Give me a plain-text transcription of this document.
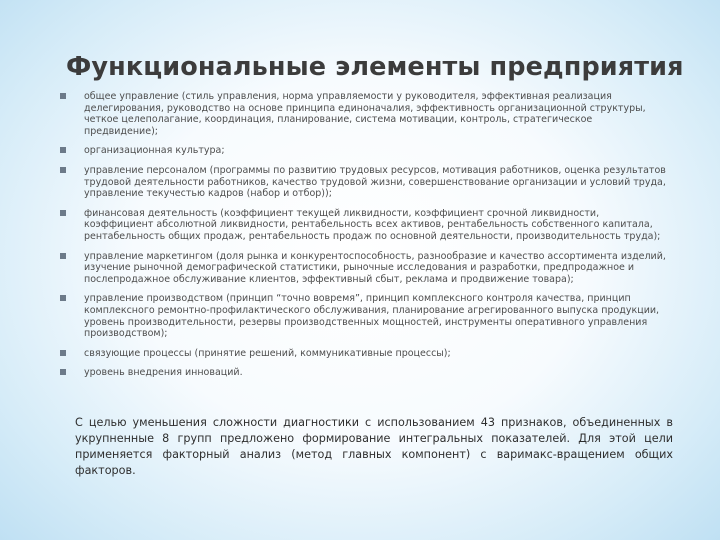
Функциональные элементы предприятия
общее управление (стиль управления, норма управляемости у руководителя, эффективная реализация делегирования, руководство на основе принципа единоначалия, эффективность организационной структуры, четкое целеполагание, координация, планирование, система мотивации, контроль, стратегическое предвидение);
организационная культура;
управление персоналом (программы по развитию трудовых ресурсов, мотивация работников, оценка результатов трудовой деятельности работников, качество трудовой жизни, совершенствование организации и условий труда, управление текучестью кадров (набор и отбор));
финансовая деятельность (коэффициент текущей ликвидности, коэффициент срочной ликвидности, коэффициент абсолютной ликвидности, рентабельность всех активов, рентабельность собственного капитала, рентабельность общих продаж, рентабельность продаж по основной деятельности, производительность труда);
управление маркетингом (доля рынка и конкурентоспособность, разнообразие и качество ассортимента изделий, изучение рыночной демографической статистики, рыночные исследования и разработки, предпродажное и послепродажное обслуживание клиентов, эффективный сбыт, реклама и продвижение товара);
управление производством (принцип “точно вовремя”, принцип комплексного контроля качества, принцип комплексного ремонтно-профилактического обслуживания, планирование агрегированного выпуска продукции, уровень производительности, резервы производственных мощностей, инструменты оперативного управления производством);
связующие процессы (принятие решений, коммуникативные процессы);
уровень внедрения инноваций.

С целью уменьшения сложности диагностики с использованием 43 признаков, объединенных в укрупненные 8 групп предложено формирование интегральных показателей. Для этой цели применяется факторный анализ (метод главных компонент) с варимакс-вращением общих факторов.
